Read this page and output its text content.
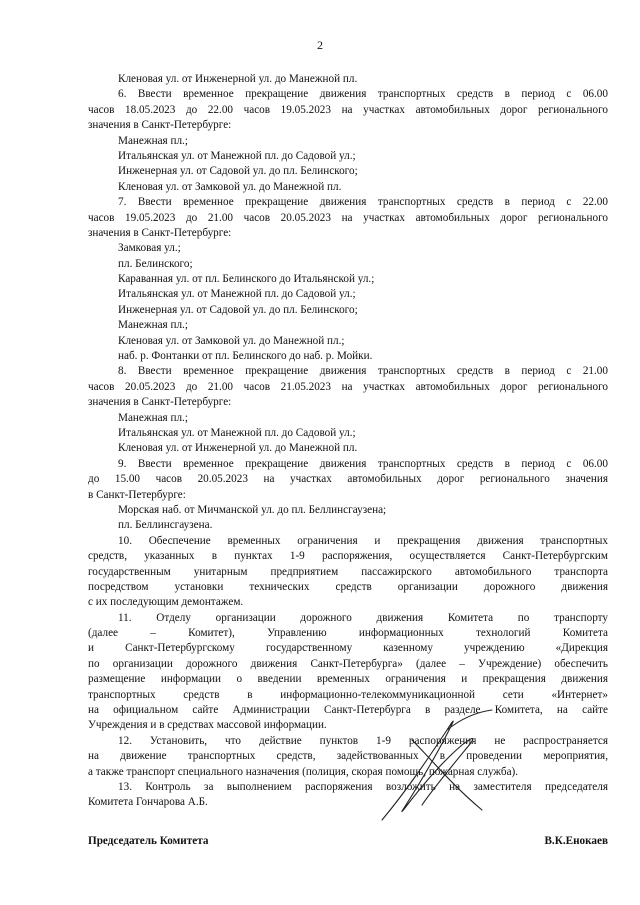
2
Кленовая ул. от Инженерной ул. до Манежной пл.
6. Ввести временное прекращение движения транспортных средств в период с 06.00
часов 18.05.2023 до 22.00 часов 19.05.2023 на участках автомобильных дорог регионального
значения в Санкт-Петербурге:
Манежная пл.;
Итальянская ул. от Манежной пл. до Садовой ул.;
Инженерная ул. от Садовой ул. до пл. Белинского;
Кленовая ул. от Замковой ул. до Манежной пл.
7. Ввести временное прекращение движения транспортных средств в период с 22.00
часов 19.05.2023 до 21.00 часов 20.05.2023 на участках автомобильных дорог регионального
значения в Санкт-Петербурге:
Замковая ул.;
пл. Белинского;
Караванная ул. от пл. Белинского до Итальянской ул.;
Итальянская ул. от Манежной пл. до Садовой ул.;
Инженерная ул. от Садовой ул. до пл. Белинского;
Манежная пл.;
Кленовая ул. от Замковой ул. до Манежной пл.;
наб. р. Фонтанки от пл. Белинского до наб. р. Мойки.
8. Ввести временное прекращение движения транспортных средств в период с 21.00
часов 20.05.2023 до 21.00 часов 21.05.2023 на участках автомобильных дорог регионального
значения в Санкт-Петербурге:
Манежная пл.;
Итальянская ул. от Манежной пл. до Садовой ул.;
Кленовая ул. от Инженерной ул. до Манежной пл.
9. Ввести временное прекращение движения транспортных средств в период с 06.00
до 15.00 часов 20.05.2023 на участках автомобильных дорог регионального значения
в Санкт-Петербурге:
Морская наб. от Мичманской ул. до пл. Беллинсгаузена;
пл. Беллинсгаузена.
10. Обеспечение временных ограничения и прекращения движения транспортных
средств, указанных в пунктах 1-9 распоряжения, осуществляется Санкт-Петербургским
государственным унитарным предприятием пассажирского автомобильного транспорта
посредством установки технических средств организации дорожного движения
с их последующим демонтажем.
11. Отделу организации дорожного движения Комитета по транспорту
(далее – Комитет), Управлению информационных технологий Комитета
и Санкт-Петербургскому государственному казенному учреждению «Дирекция
по организации дорожного движения Санкт-Петербурга» (далее – Учреждение) обеспечить
размещение информации о введении временных ограничения и прекращения движения
транспортных средств в информационно-телекоммуникационной сети «Интернет»
на официальном сайте Администрации Санкт-Петербурга в разделе Комитета, на сайте
Учреждения и в средствах массовой информации.
12. Установить, что действие пунктов 1-9 распоряжения не распространяется
на движение транспортных средств, задействованных в проведении мероприятия,
а также транспорт специального назначения (полиция, скорая помощь, пожарная служба).
13. Контроль за выполнением распоряжения возложить на заместителя председателя
Комитета Гончарова А.Б.
Председатель Комитета	В.К.Енокаев
